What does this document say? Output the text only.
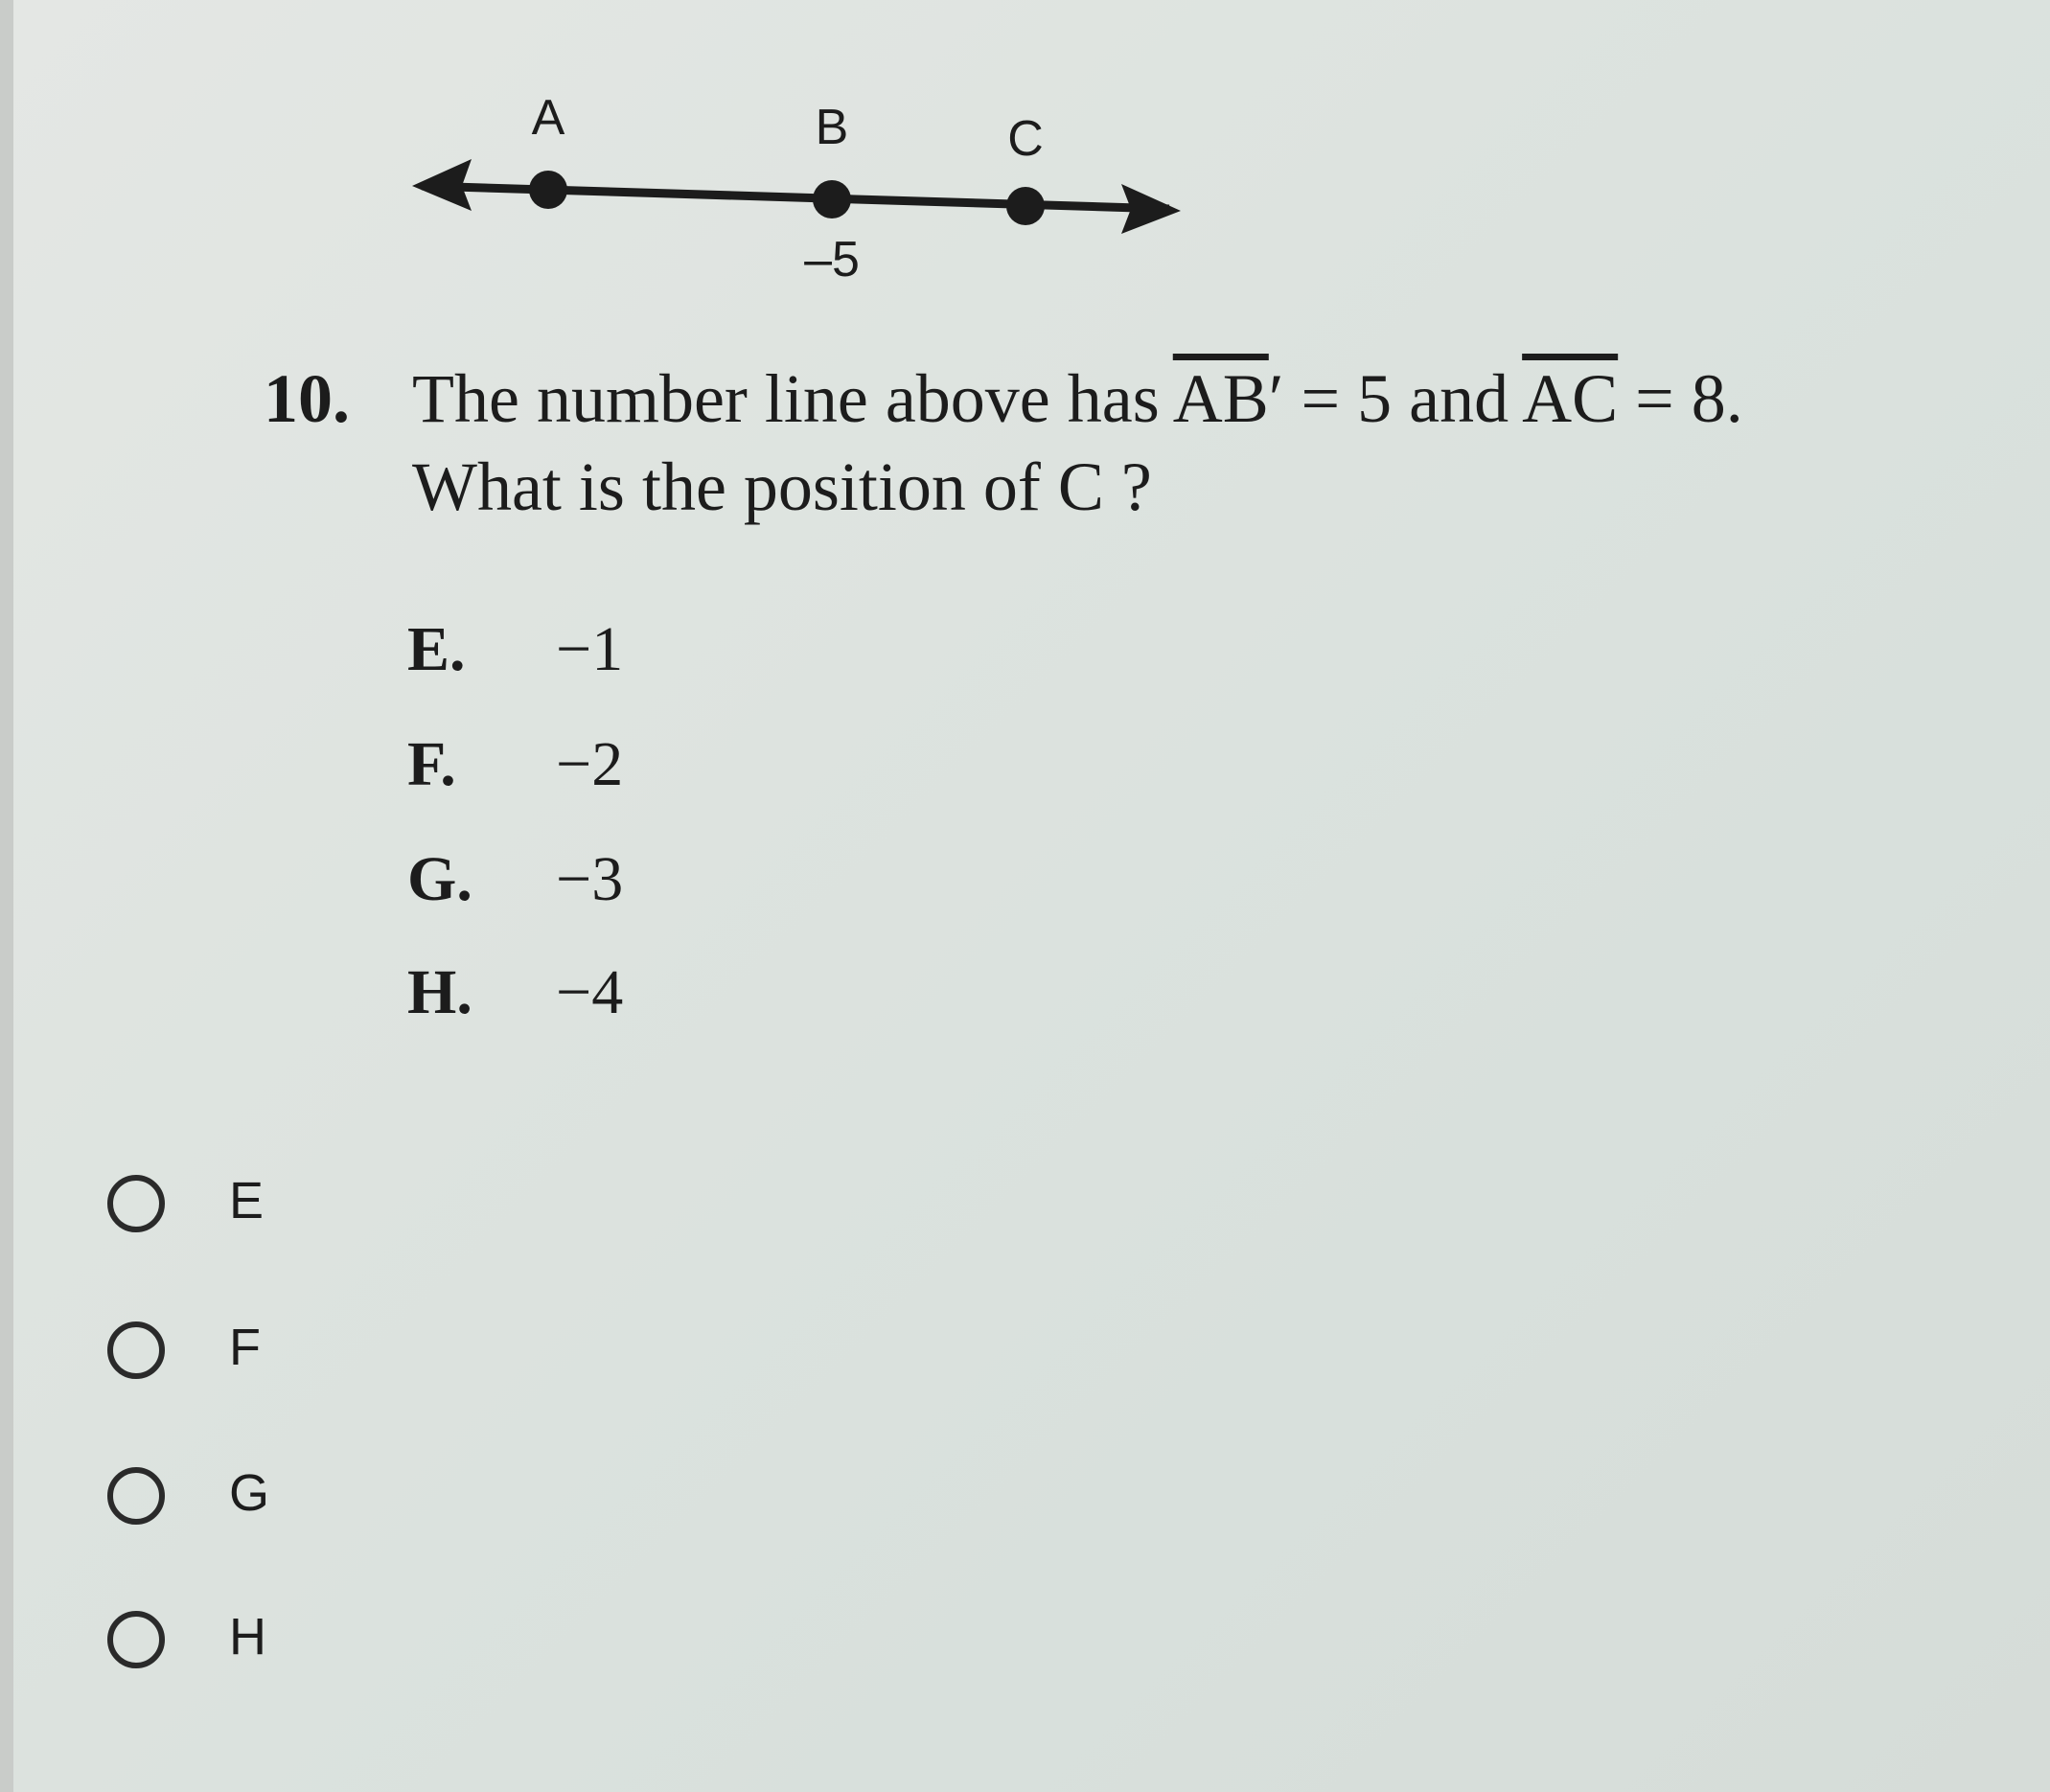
A	B	C
–5
10. The number line above has $\overline{AB}' = 5$ and $\overline{AC} = 8$.
What is the position of C ?
E. −1
F. −2
G. −3
H. −4
E
F
G
H
